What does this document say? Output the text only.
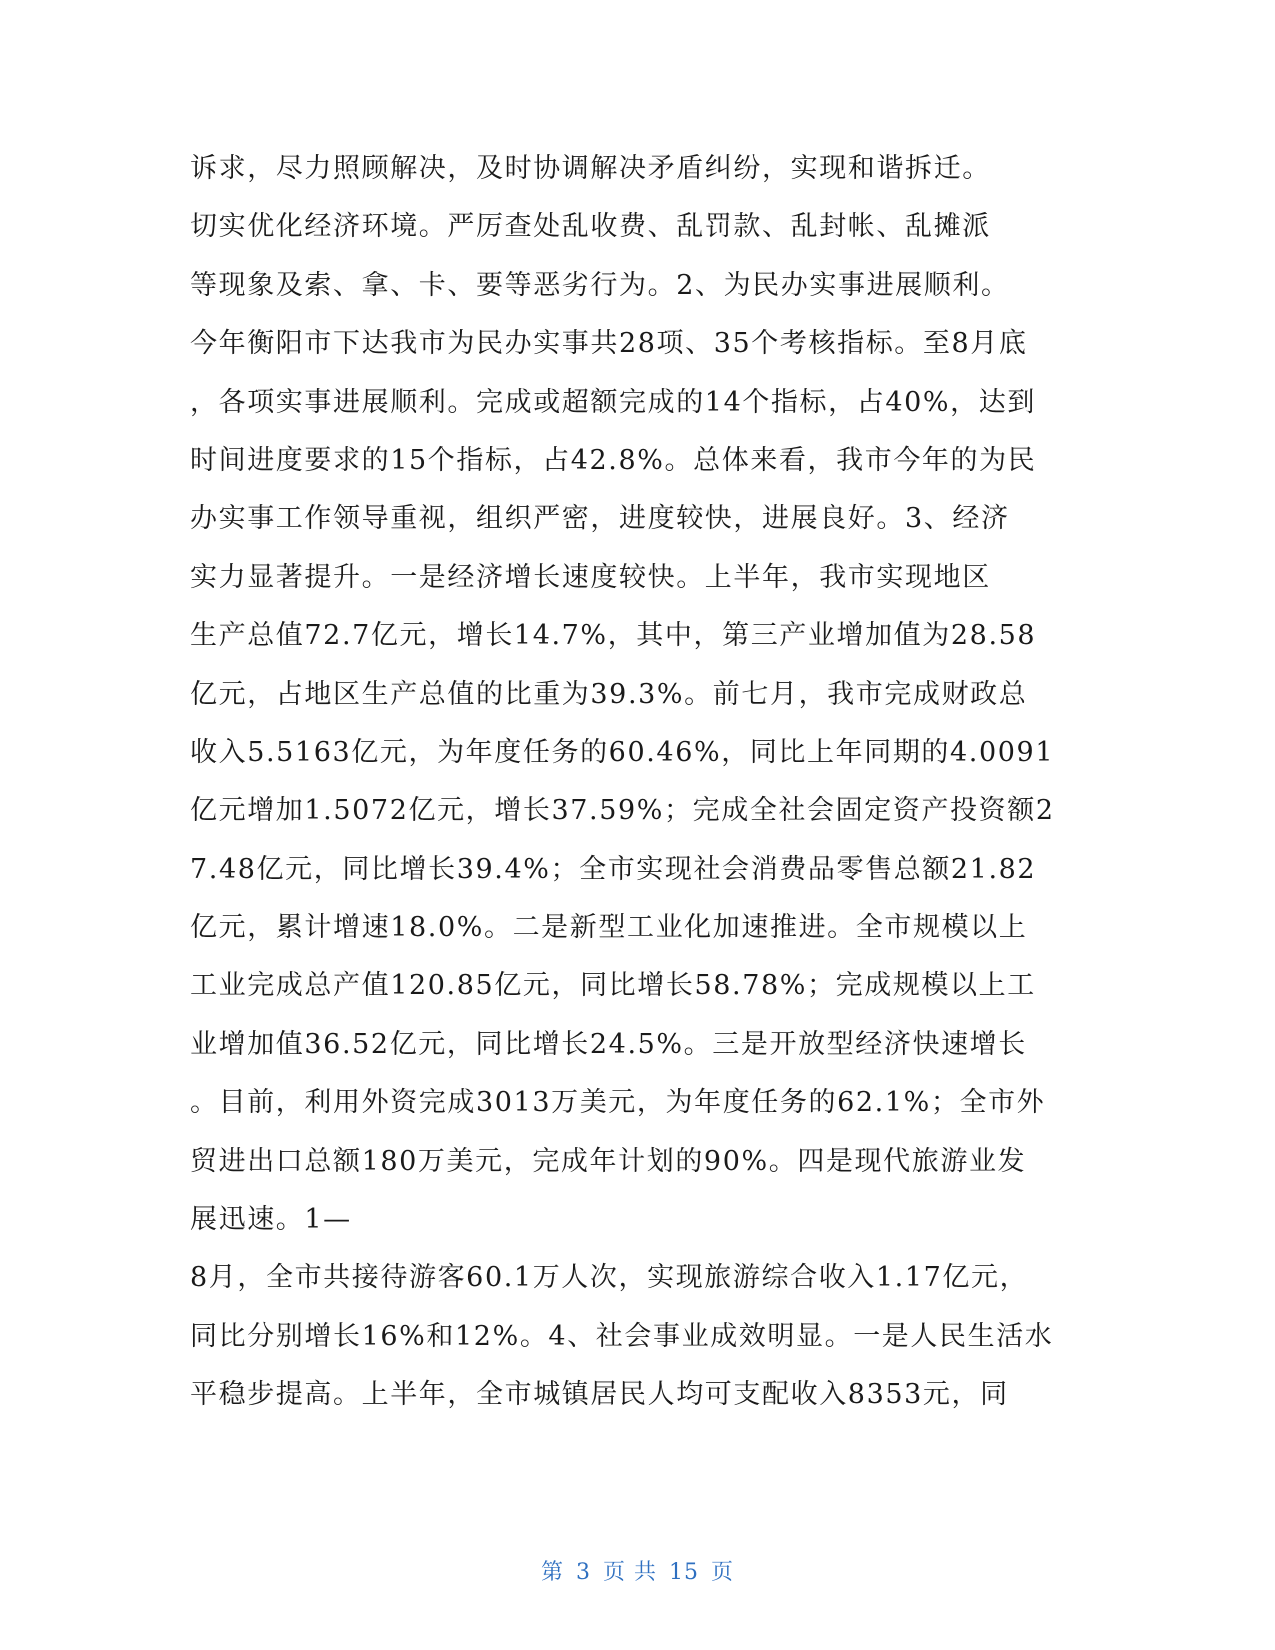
诉求，尽力照顾解决，及时协调解决矛盾纠纷，实现和谐拆迁。
切实优化经济环境。严厉查处乱收费、乱罚款、乱封帐、乱摊派
等现象及索、拿、卡、要等恶劣行为。2、为民办实事进展顺利。
今年衡阳市下达我市为民办实事共28项、35个考核指标。至8月底
，各项实事进展顺利。完成或超额完成的14个指标，占40%，达到
时间进度要求的15个指标，占42.8%。总体来看，我市今年的为民
办实事工作领导重视，组织严密，进度较快，进展良好。3、经济
实力显著提升。一是经济增长速度较快。上半年，我市实现地区
生产总值72.7亿元，增长14.7%，其中，第三产业增加值为28.58
亿元，占地区生产总值的比重为39.3%。前七月，我市完成财政总
收入5.5163亿元，为年度任务的60.46%，同比上年同期的4.0091
亿元增加1.5072亿元，增长37.59%；完成全社会固定资产投资额2
7.48亿元，同比增长39.4%；全市实现社会消费品零售总额21.82
亿元，累计增速18.0%。二是新型工业化加速推进。全市规模以上
工业完成总产值120.85亿元，同比增长58.78%；完成规模以上工
业增加值36.52亿元，同比增长24.5%。三是开放型经济快速增长
。目前，利用外资完成3013万美元，为年度任务的62.1%；全市外
贸进出口总额180万美元，完成年计划的90%。四是现代旅游业发
展迅速。1—
8月，全市共接待游客60.1万人次，实现旅游综合收入1.17亿元，
同比分别增长16%和12%。4、社会事业成效明显。一是人民生活水
平稳步提高。上半年，全市城镇居民人均可支配收入8353元，同
第 3 页 共 15 页
